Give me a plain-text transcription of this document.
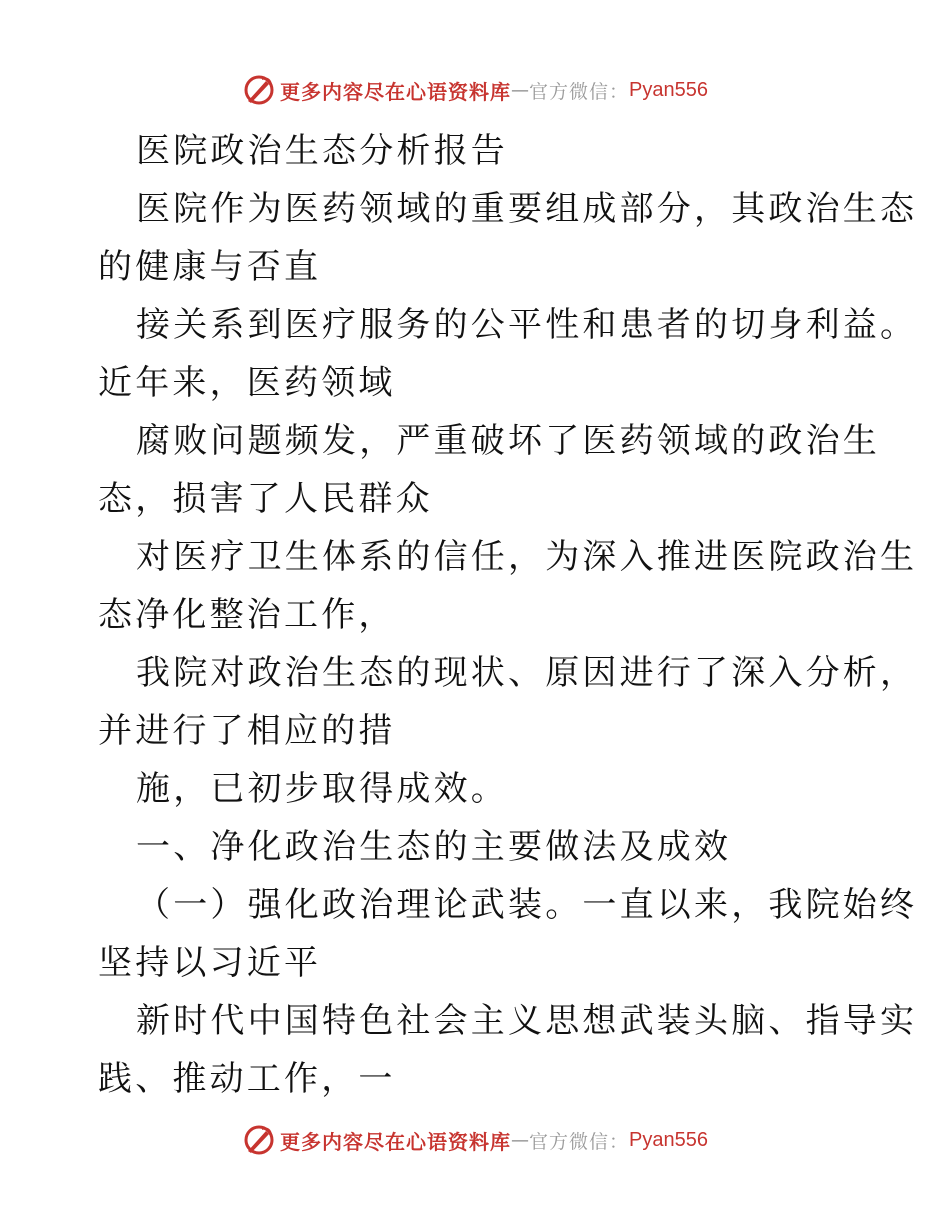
更多内容尽在心语资料库 — 官方微信： Pyan556
医院政治生态分析报告
医院作为医药领域的重要组成部分，其政治生态
的健康与否直
接关系到医疗服务的公平性和患者的切身利益。
近年来，医药领域
腐败问题频发，严重破坏了医药领域的政治生
态，损害了人民群众
对医疗卫生体系的信任，为深入推进医院政治生
态净化整治工作，
我院对政治生态的现状、原因进行了深入分析，
并进行了相应的措
施，已初步取得成效。
一、净化政治生态的主要做法及成效
（一）强化政治理论武装。一直以来，我院始终
坚持以习近平
新时代中国特色社会主义思想武装头脑、指导实
践、推动工作，一
更多内容尽在心语资料库 — 官方微信： Pyan556
